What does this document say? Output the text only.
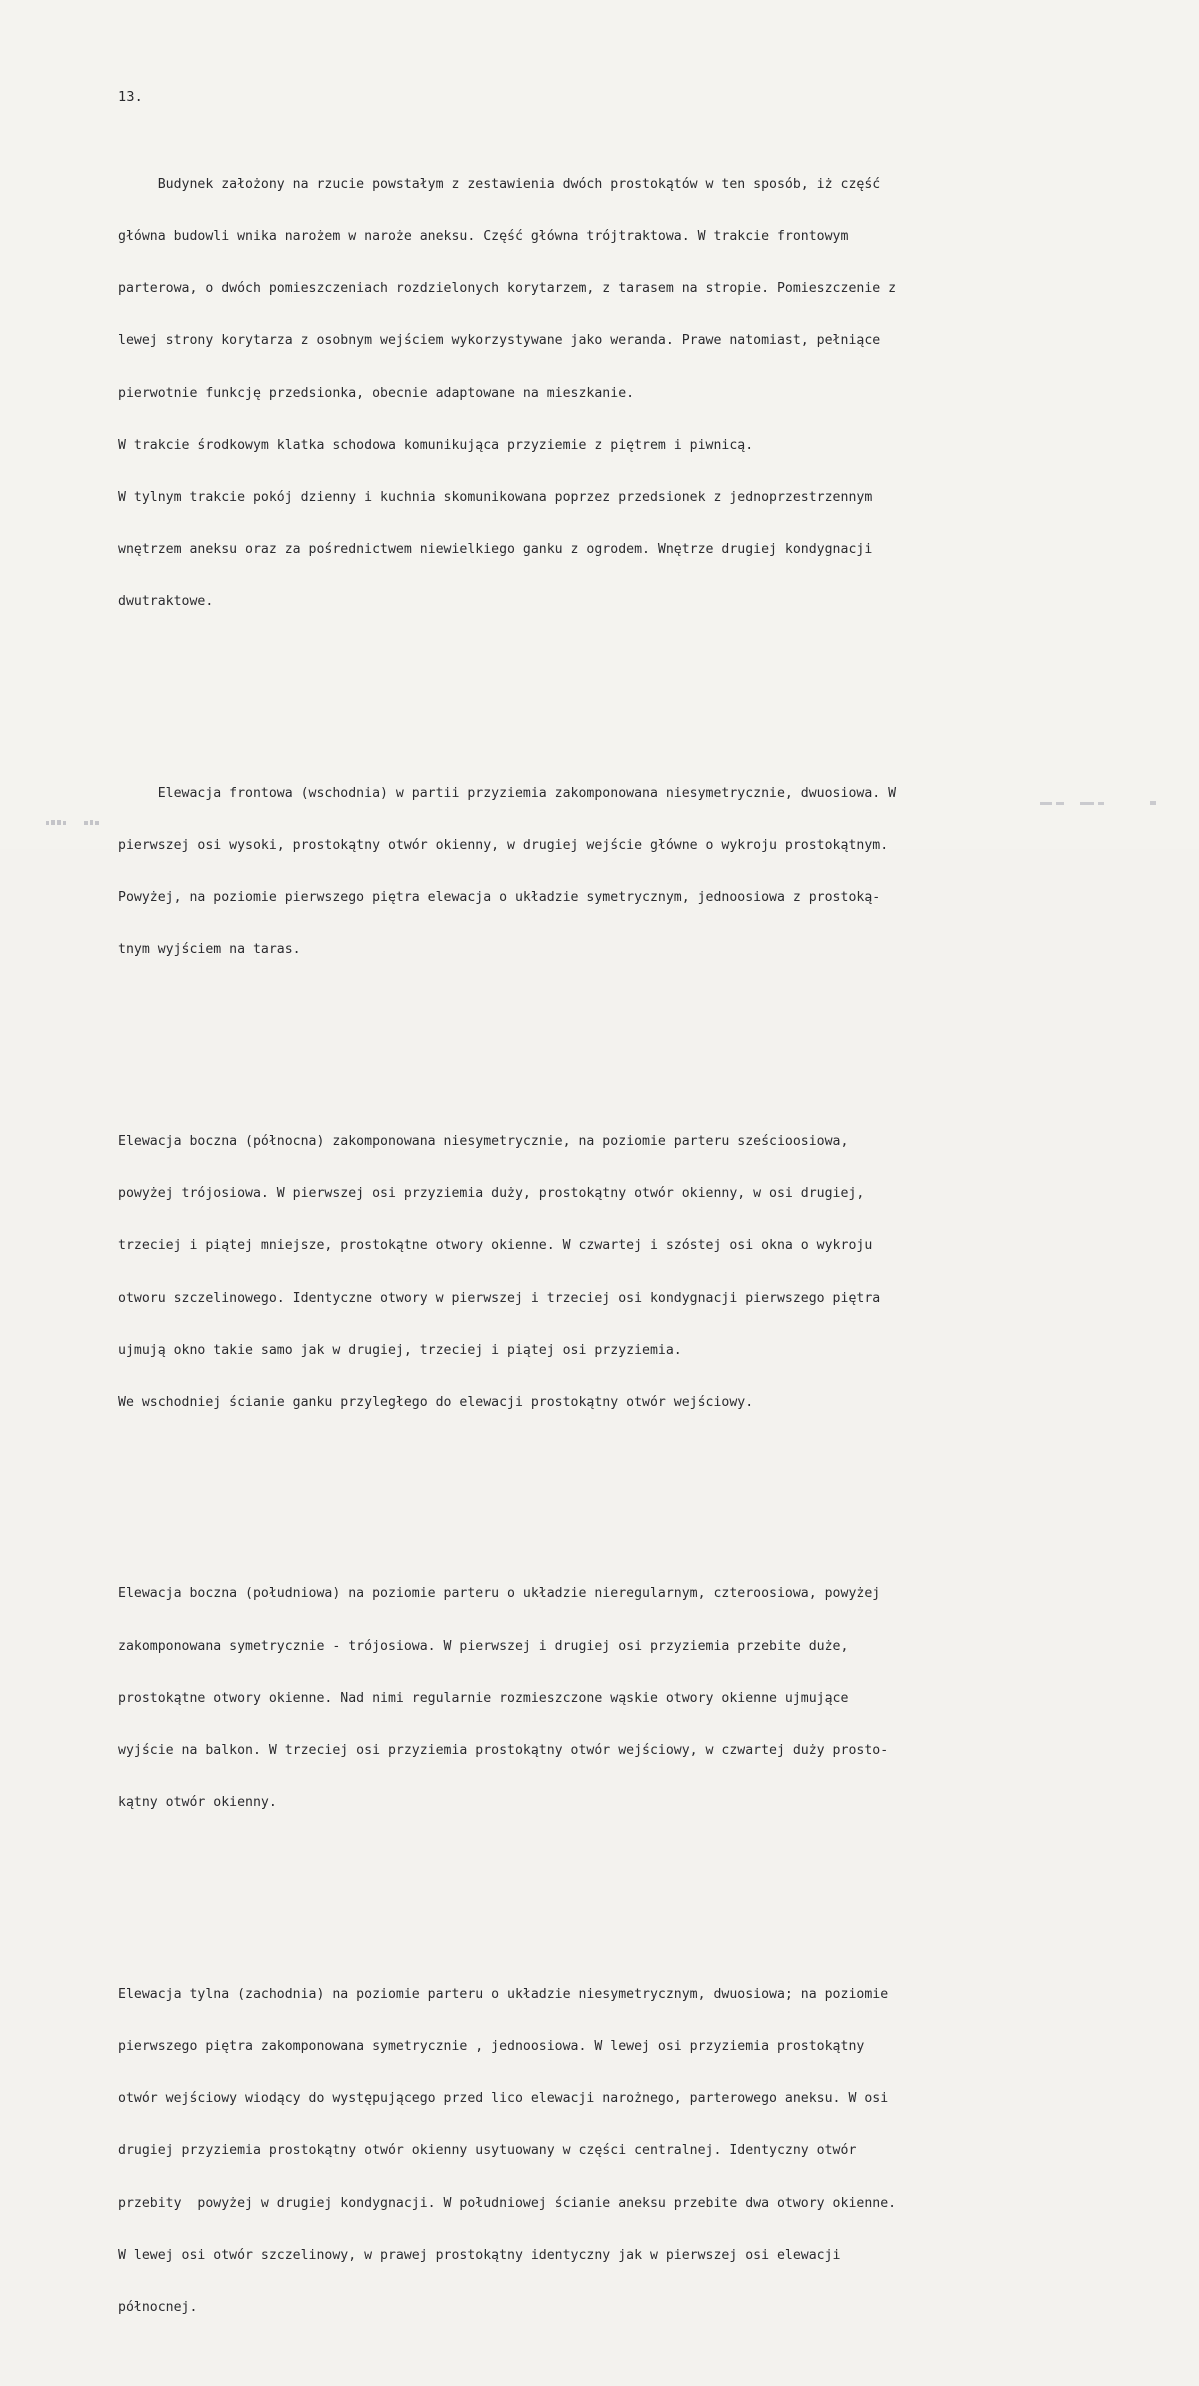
13.

Budynek założony na rzucie powstałym z zestawienia dwóch prostokątów w ten sposób, iż część

główna budowli wnika narożem w naroże aneksu. Część główna trójtraktowa. W trakcie frontowym

parterowa, o dwóch pomieszczeniach rozdzielonych korytarzem, z tarasem na stropie. Pomieszczenie z

lewej strony korytarza z osobnym wejściem wykorzystywane jako weranda. Prawe natomiast, pełniące

pierwotnie funkcję przedsionka, obecnie adaptowane na mieszkanie.

W trakcie środkowym klatka schodowa komunikująca przyziemie z piętrem i piwnicą.

W tylnym trakcie pokój dzienny i kuchnia skomunikowana poprzez przedsionek z jednoprzestrzennym

wnętrzem aneksu oraz za pośrednictwem niewielkiego ganku z ogrodem. Wnętrze drugiej kondygnacji

dwutraktowe.

Elewacja frontowa (wschodnia) w partii przyziemia zakomponowana niesymetrycznie, dwuosiowa. W

pierwszej osi wysoki, prostokątny otwór okienny, w drugiej wejście główne o wykroju prostokątnym.

Powyżej, na poziomie pierwszego piętra elewacja o układzie symetrycznym, jednoosiowa z prostoką-

tnym wyjściem na taras.

Elewacja boczna (północna) zakomponowana niesymetrycznie, na poziomie parteru sześcioosiowa,

powyżej trójosiowa. W pierwszej osi przyziemia duży, prostokątny otwór okienny, w osi drugiej,

trzeciej i piątej mniejsze, prostokątne otwory okienne. W czwartej i szóstej osi okna o wykroju

otworu szczelinowego. Identyczne otwory w pierwszej i trzeciej osi kondygnacji pierwszego piętra

ujmują okno takie samo jak w drugiej, trzeciej i piątej osi przyziemia.

We wschodniej ścianie ganku przyległego do elewacji prostokątny otwór wejściowy.

Elewacja boczna (południowa) na poziomie parteru o układzie nieregularnym, czteroosiowa, powyżej

zakomponowana symetrycznie - trójosiowa. W pierwszej i drugiej osi przyziemia przebite duże,

prostokątne otwory okienne. Nad nimi regularnie rozmieszczone wąskie otwory okienne ujmujące

wyjście na balkon. W trzeciej osi przyziemia prostokątny otwór wejściowy, w czwartej duży prosto-

kątny otwór okienny.

Elewacja tylna (zachodnia) na poziomie parteru o układzie niesymetrycznym, dwuosiowa; na poziomie

pierwszego piętra zakomponowana symetrycznie , jednoosiowa. W lewej osi przyziemia prostokątny

otwór wejściowy wiodący do występującego przed lico elewacji narożnego, parterowego aneksu. W osi

drugiej przyziemia prostokątny otwór okienny usytuowany w części centralnej. Identyczny otwór

przebity  powyżej w drugiej kondygnacji. W południowej ścianie aneksu przebite dwa otwory okienne.

W lewej osi otwór szczelinowy, w prawej prostokątny identyczny jak w pierwszej osi elewacji

północnej.
